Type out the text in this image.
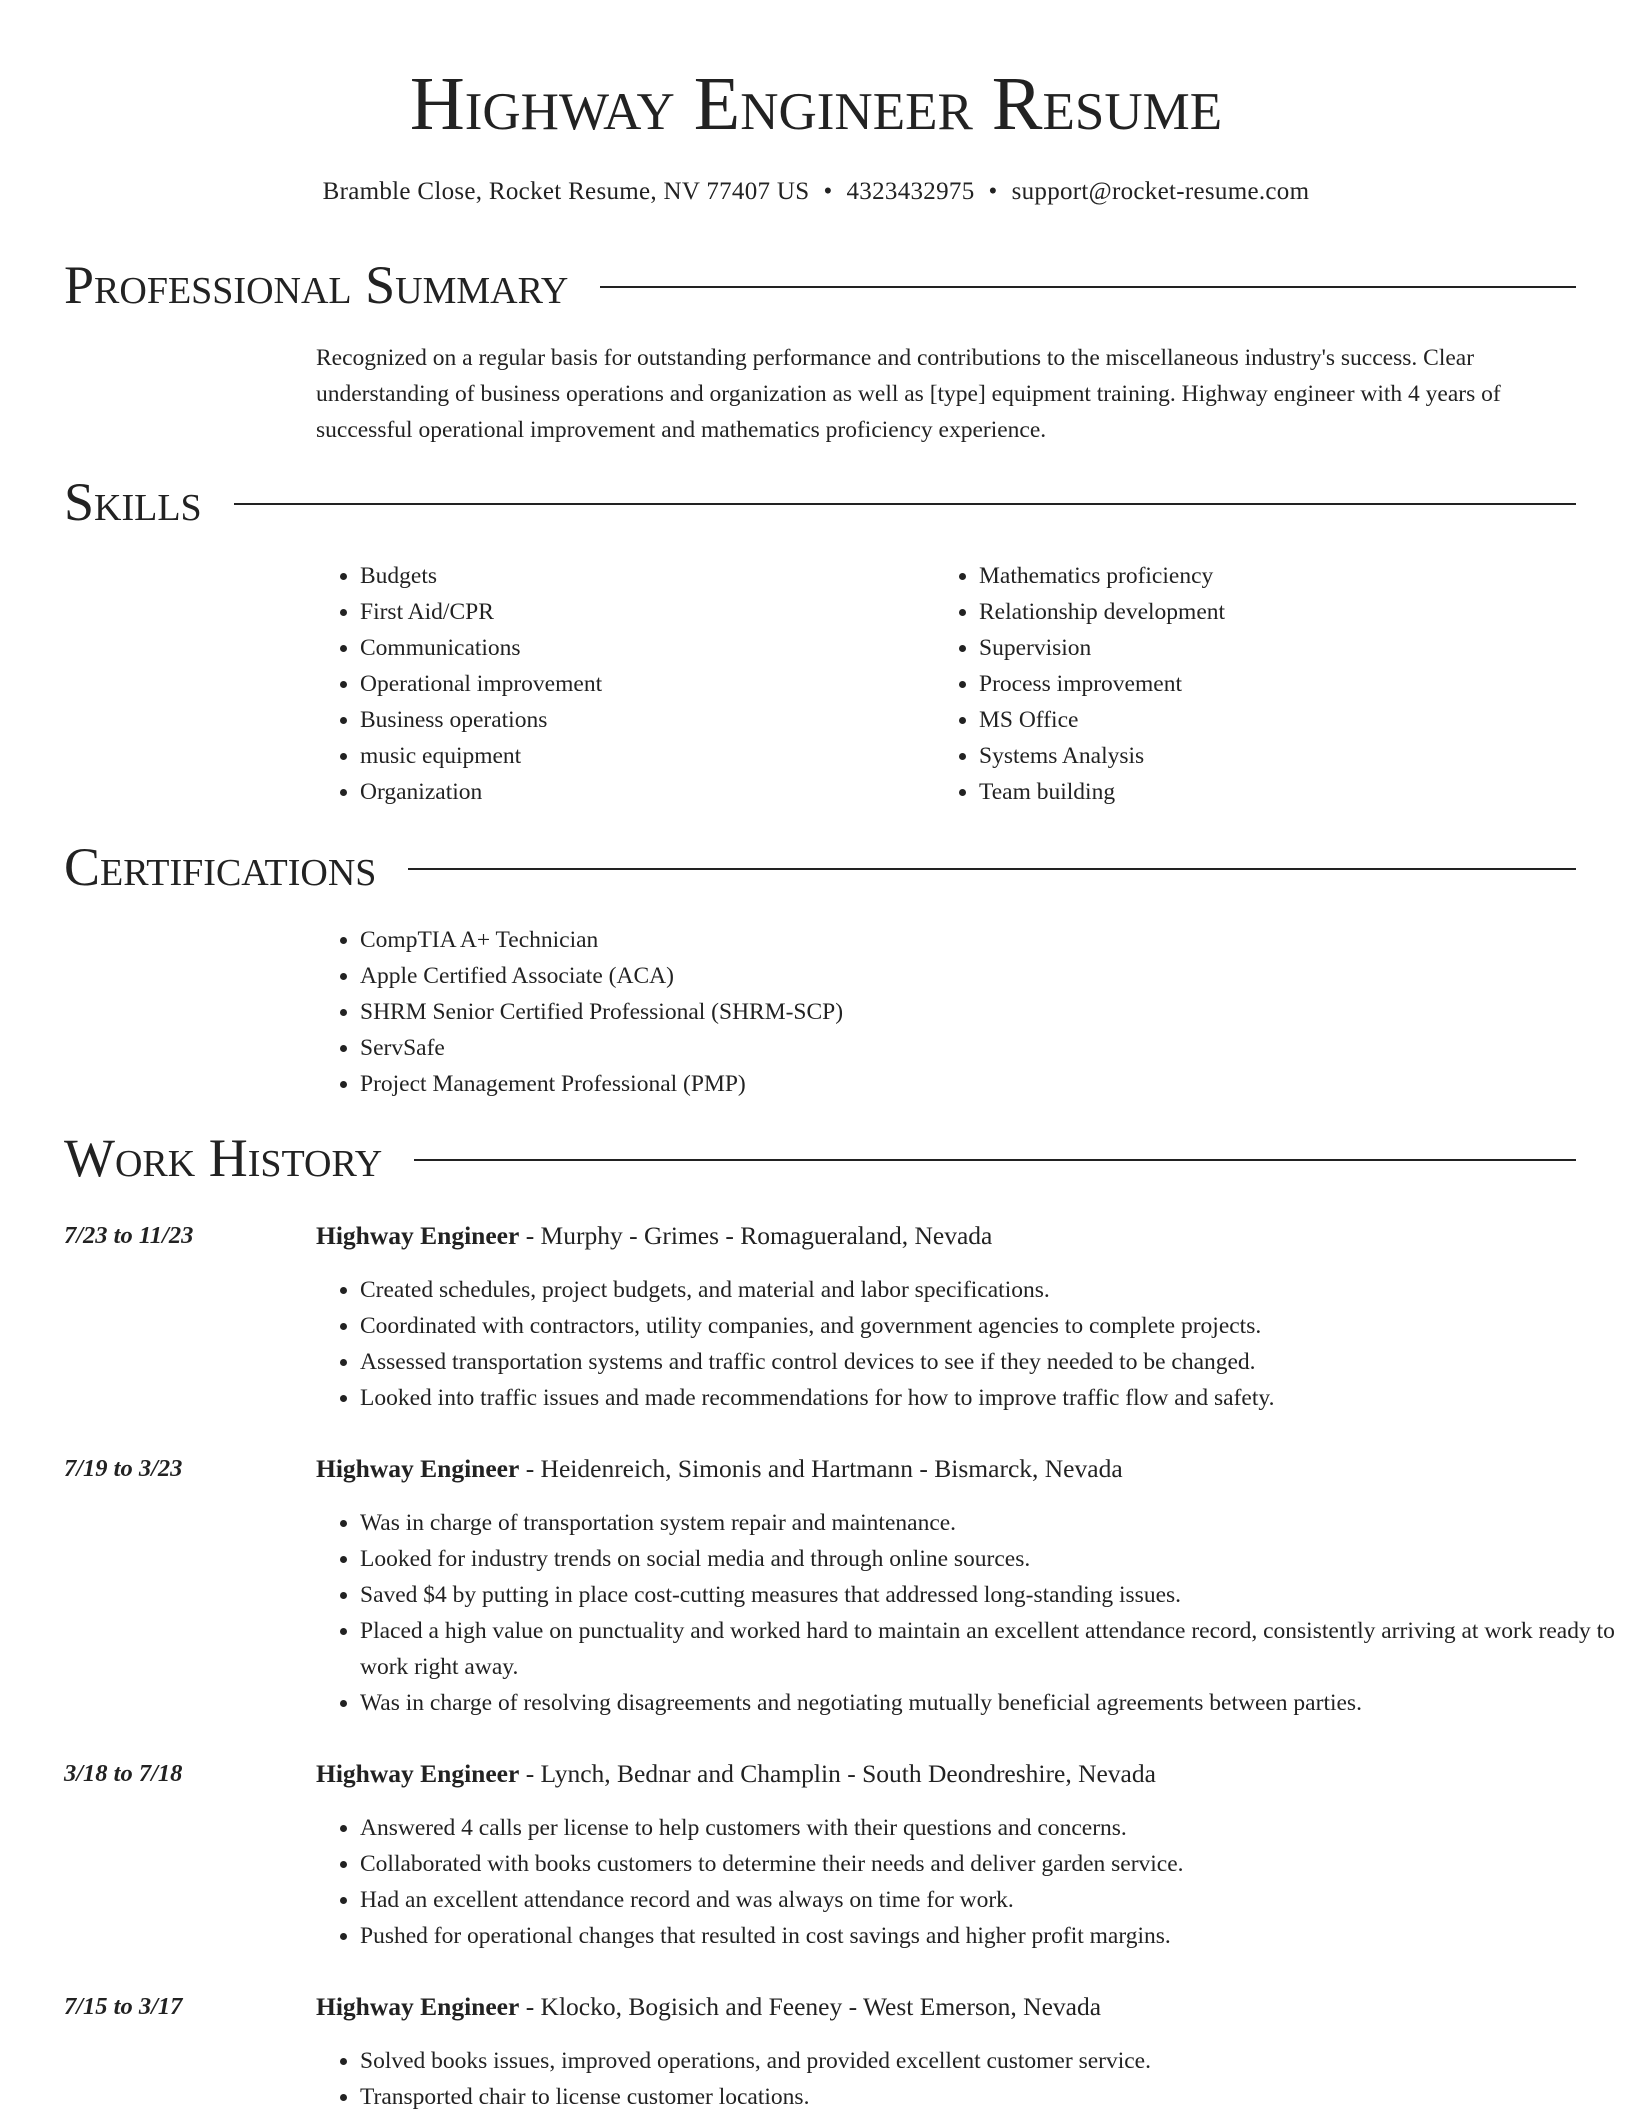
Highway Engineer Resume
Bramble Close, Rocket Resume, NV 77407 US • 4323432975 • support@rocket-resume.com
Professional Summary

Recognized on a regular basis for outstanding performance and contributions to the miscellaneous industry's success. Clear understanding of business operations and organization as well as [type] equipment training. Highway engineer with 4 years of successful operational improvement and mathematics proficiency experience.

Skills
• Budgets
• First Aid/CPR
• Communications
• Operational improvement
• Business operations
• music equipment
• Organization
• Mathematics proficiency
• Relationship development
• Supervision
• Process improvement
• MS Office
• Systems Analysis
• Team building
Certifications
• CompTIA A+ Technician
• Apple Certified Associate (ACA)
• SHRM Senior Certified Professional (SHRM-SCP)
• ServSafe
• Project Management Professional (PMP)
Work History
7/23 to 11/23	Highway Engineer - Murphy - Grimes - Romagueraland, Nevada
• Created schedules, project budgets, and material and labor specifications.
• Coordinated with contractors, utility companies, and government agencies to complete projects.
• Assessed transportation systems and traffic control devices to see if they needed to be changed.
• Looked into traffic issues and made recommendations for how to improve traffic flow and safety.
7/19 to 3/23	Highway Engineer - Heidenreich, Simonis and Hartmann - Bismarck, Nevada
• Was in charge of transportation system repair and maintenance.
• Looked for industry trends on social media and through online sources.
• Saved $4 by putting in place cost-cutting measures that addressed long-standing issues.
• Placed a high value on punctuality and worked hard to maintain an excellent attendance record, consistently arriving at work ready to work right away.
• Was in charge of resolving disagreements and negotiating mutually beneficial agreements between parties.
3/18 to 7/18	Highway Engineer - Lynch, Bednar and Champlin - South Deondreshire, Nevada
• Answered 4 calls per license to help customers with their questions and concerns.
• Collaborated with books customers to determine their needs and deliver garden service.
• Had an excellent attendance record and was always on time for work.
• Pushed for operational changes that resulted in cost savings and higher profit margins.
7/15 to 3/17	Highway Engineer - Klocko, Bogisich and Feeney - West Emerson, Nevada
• Solved books issues, improved operations, and provided excellent customer service.
• Transported chair to license customer locations.
